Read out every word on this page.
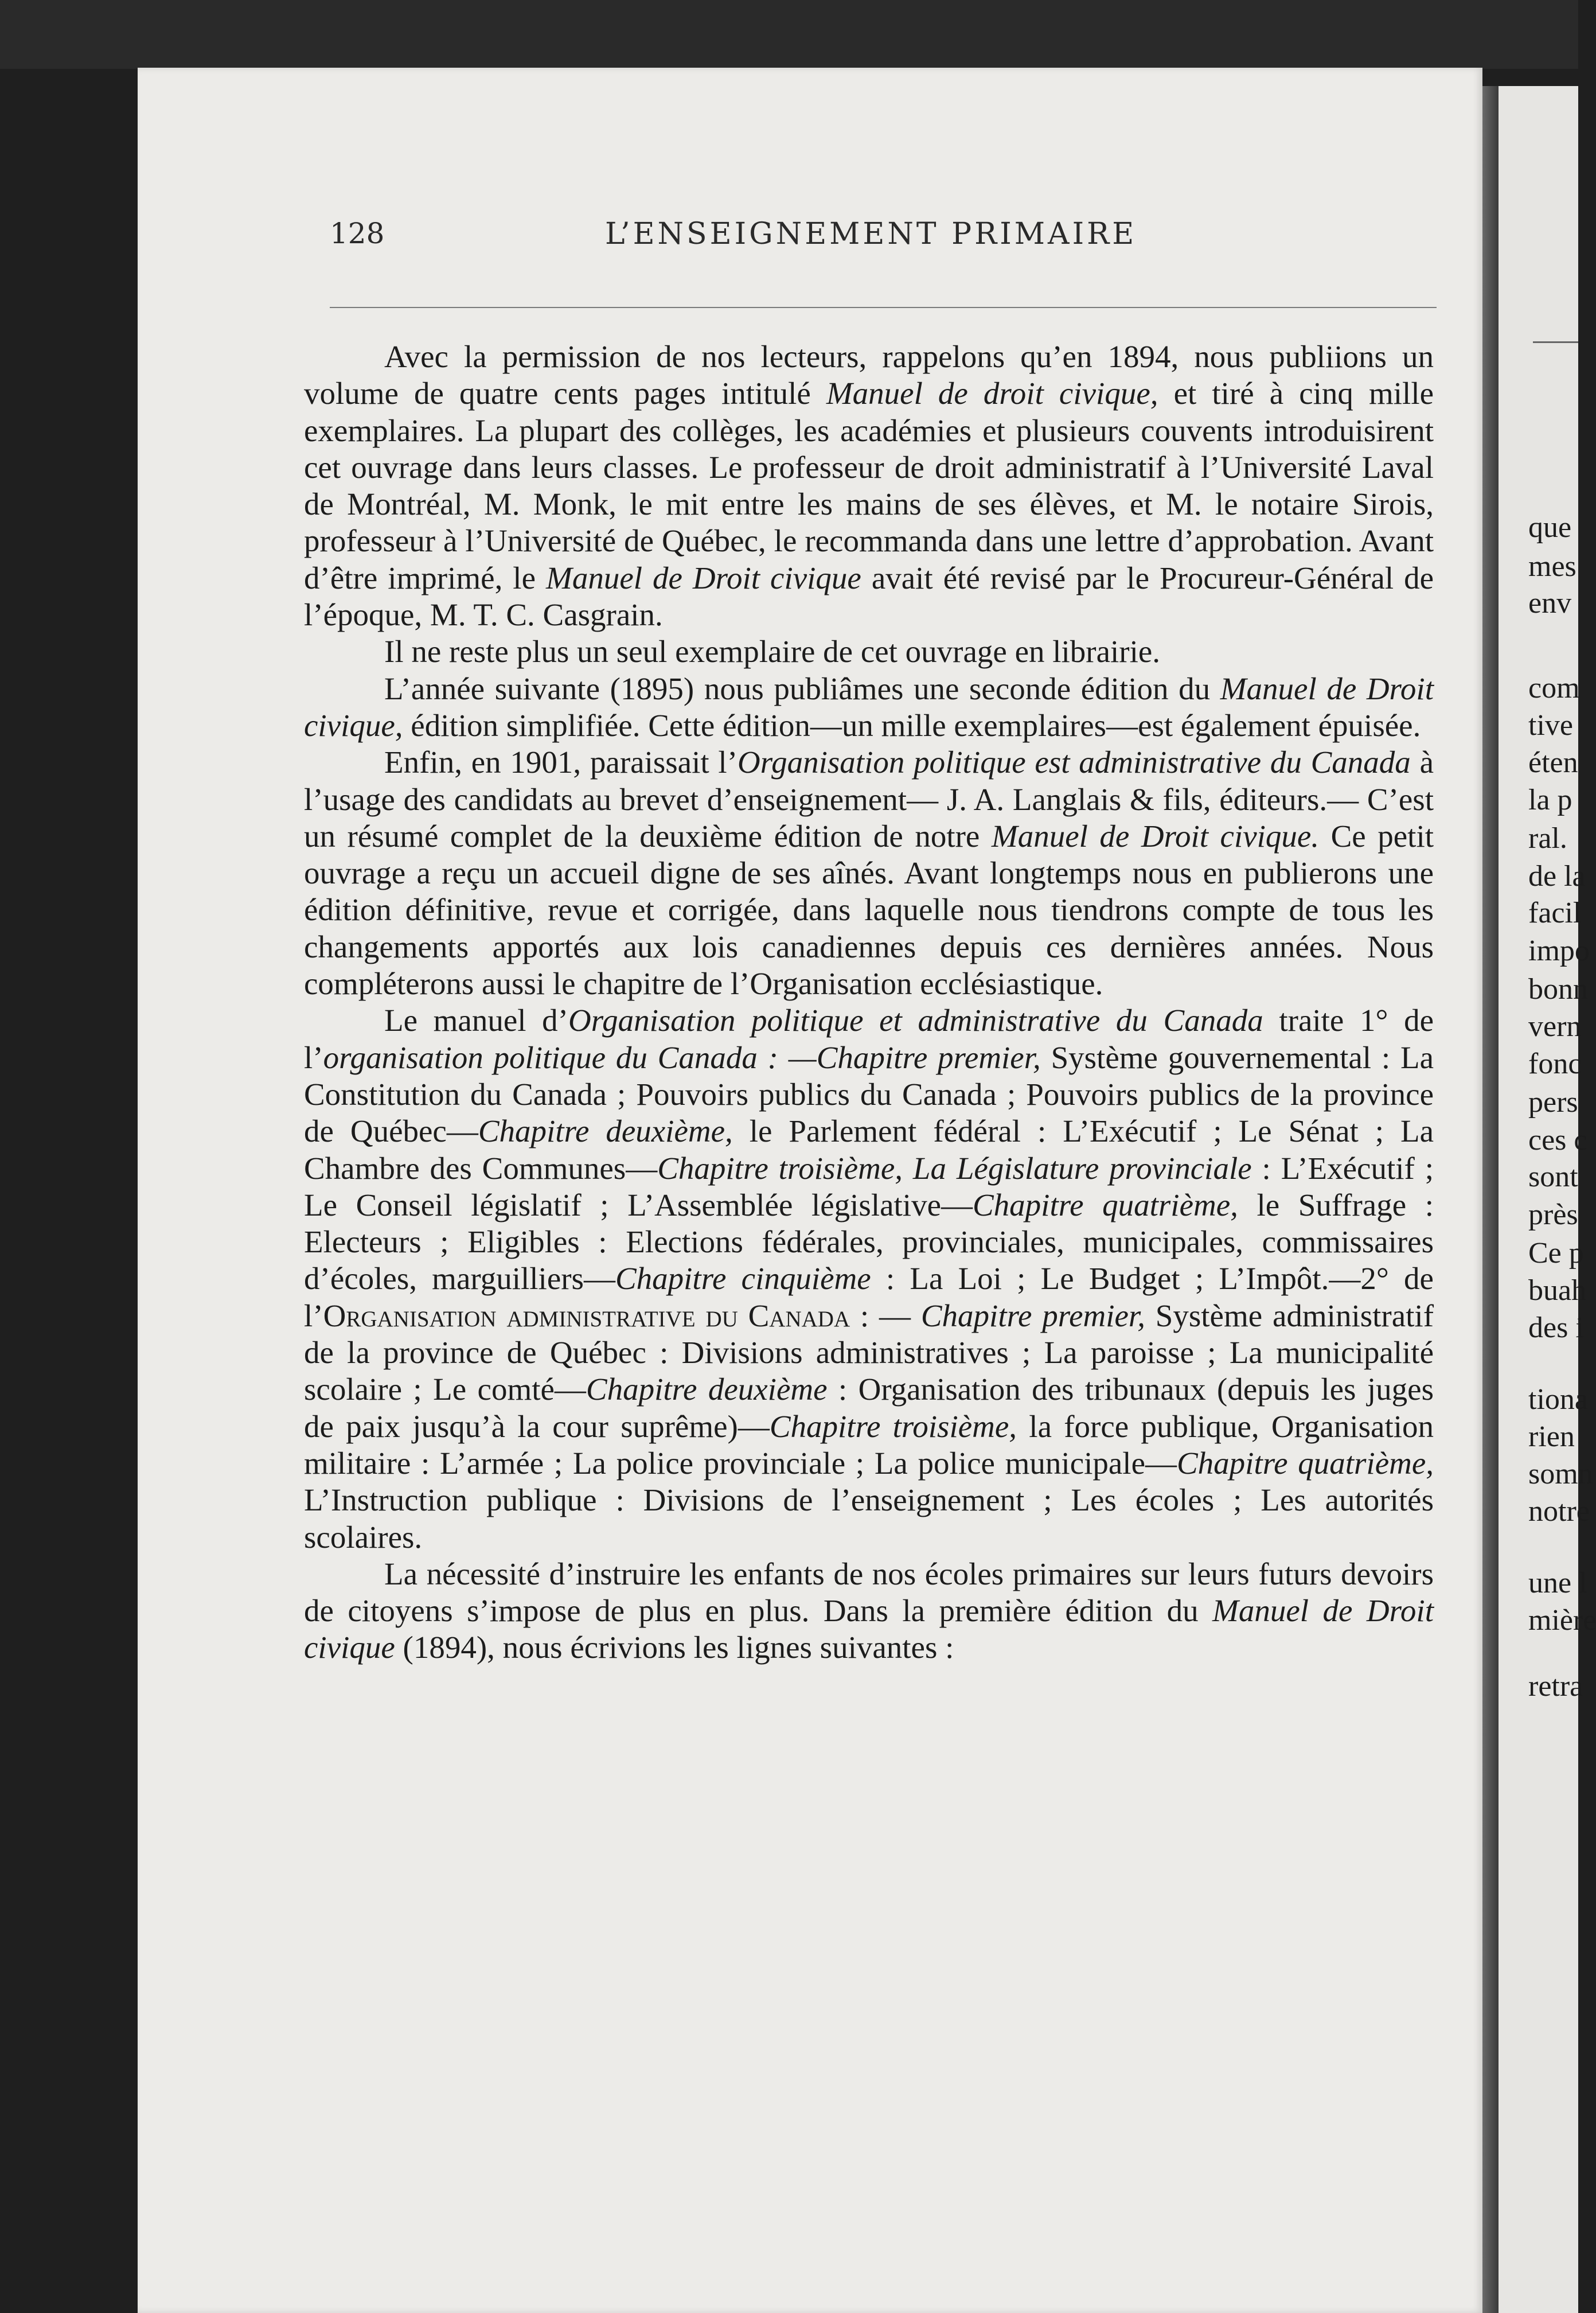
128	L’ENSEIGNEMENT PRIMAIRE

Avec la permission de nos lecteurs, rappelons qu’en 1894, nous publiions un volume de quatre cents pages intitulé Manuel de droit civique, et tiré à cinq mille exemplaires. La plupart des collèges, les académies et plusieurs couvents introduisirent cet ouvrage dans leurs classes. Le professeur de droit administratif à l’Université Laval de Montréal, M. Monk, le mit entre les mains de ses élèves, et M. le notaire Sirois, professeur à l’Université de Québec, le recommanda dans une lettre d’approbation. Avant d’être imprimé, le Manuel de Droit civique avait été revisé par le Procureur-Général de l’époque, M. T. C. Casgrain.

Il ne reste plus un seul exemplaire de cet ouvrage en librairie.

L’année suivante (1895) nous publiâmes une seconde édition du Manuel de Droit civique, édition simplifiée. Cette édition—un mille exemplaires—est également épuisée.

Enfin, en 1901, paraissait l’Organisation politique est administrative du Canada à l’usage des candidats au brevet d’enseignement— J. A. Langlais & fils, éditeurs.— C’est un résumé complet de la deuxième édition de notre Manuel de Droit civique. Ce petit ouvrage a reçu un accueil digne de ses aînés. Avant longtemps nous en publierons une édition définitive, revue et corrigée, dans laquelle nous tiendrons compte de tous les changements apportés aux lois canadiennes depuis ces dernières années. Nous compléterons aussi le chapitre de l’Organisation ecclésiastique.

Le manuel d’Organisation politique et administrative du Canada traite 1° de l’organisation politique du Canada : —Chapitre premier, Système gouvernemental : La Constitution du Canada ; Pouvoirs publics du Canada ; Pouvoirs publics de la province de Québec—Chapitre deuxième, le Parlement fédéral : L’Exécutif ; Le Sénat ; La Chambre des Communes—Chapitre troisième, La Législature provinciale : L’Exécutif ; Le Conseil législatif ; L’Assemblée législative—Chapitre quatrième, le Suffrage : Electeurs ; Eligibles : Elections fédérales, provinciales, municipales, commissaires d’écoles, marguilliers—Chapitre cinquième : La Loi ; Le Budget ; L’Impôt.—2° de l’Organisation administrative du Canada : — Chapitre premier, Système administratif de la province de Québec : Divisions administratives ; La paroisse ; La municipalité scolaire ; Le comté—Chapitre deuxième : Organisation des tribunaux (depuis les juges de paix jusqu’à la cour suprême)—Chapitre troisième, la force publique, Organisation militaire : L’armée ; La police provinciale ; La police municipale—Chapitre quatrième, L’Instruction publique : Divisions de l’enseignement ; Les écoles ; Les autorités scolaires.

La nécessité d’instruire les enfants de nos écoles primaires sur leurs futurs devoirs de citoyens s’impose de plus en plus. Dans la première édition du Manuel de Droit civique (1894), nous écrivions les lignes suivantes :

que
mes
env
com
tive
éten
la p
ral.
de la
facil
impo
bonn
vern
fonc
pers
ces c
sont
près
Ce p
buah
des i
tiona
rien
somn
notre
une l
mière
retra
